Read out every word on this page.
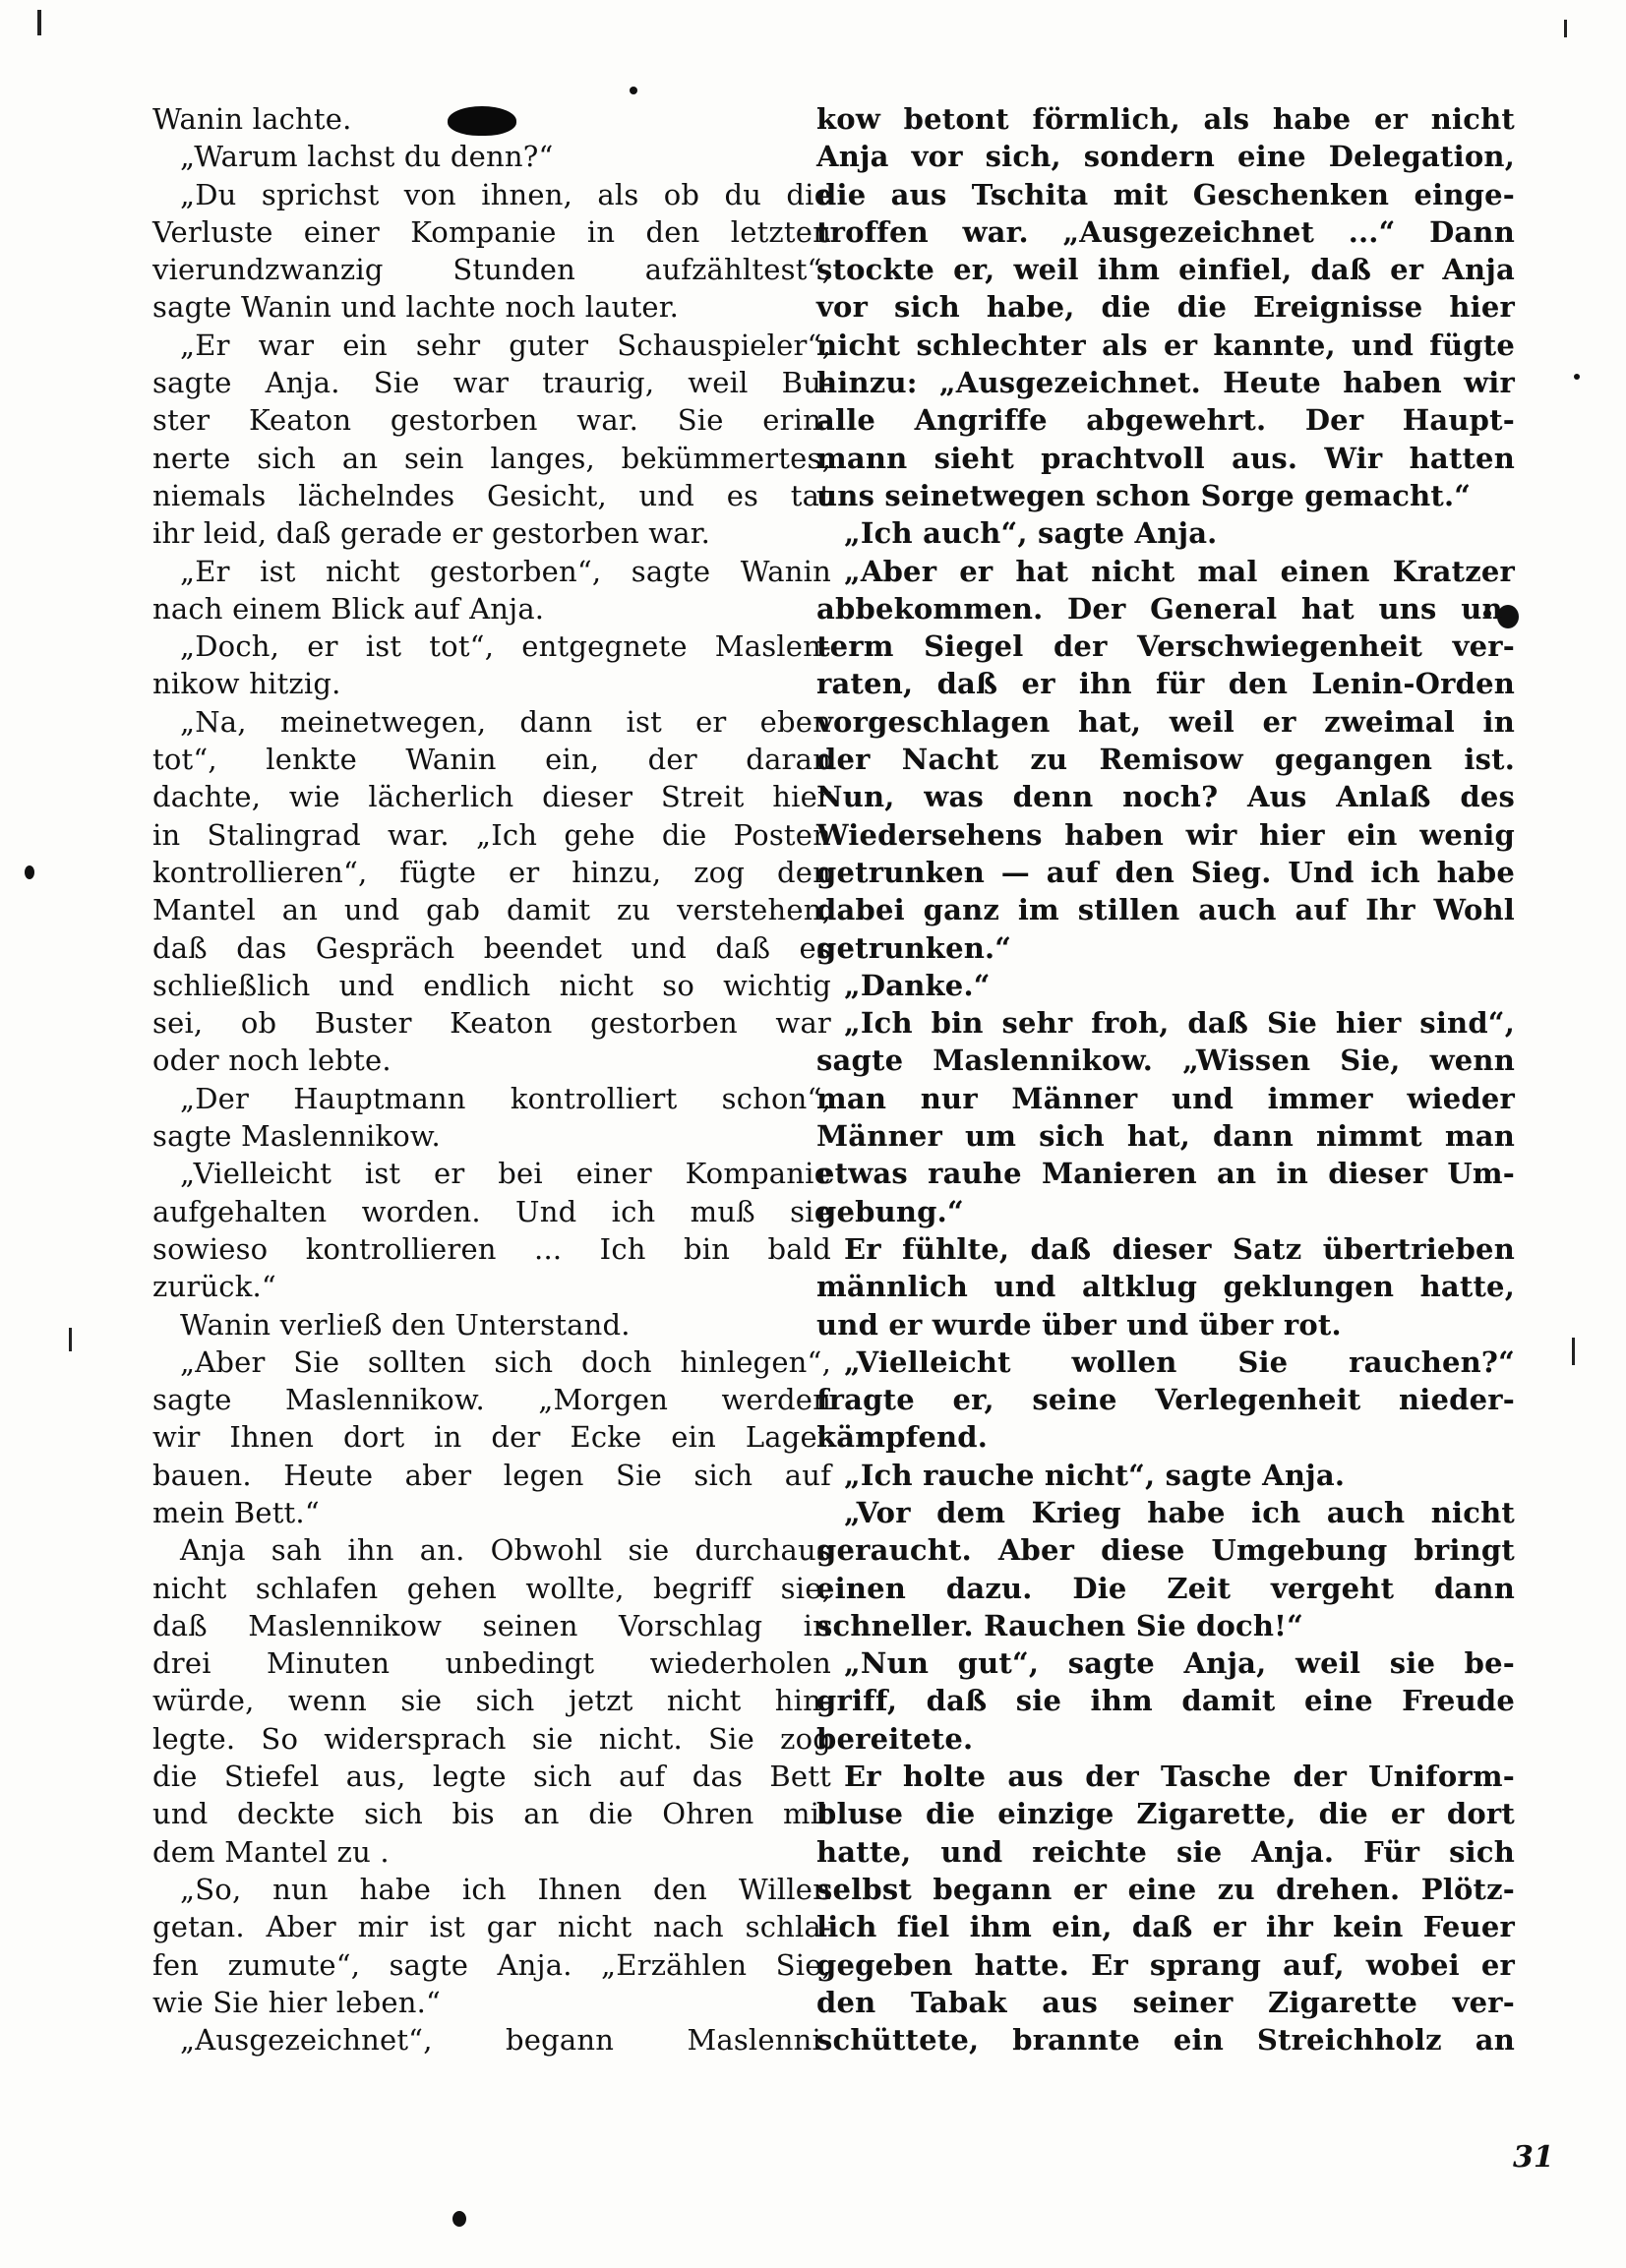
Wanin lachte.
„Warum lachst du denn?“
„Du sprichst von ihnen, als ob du die
Verluste einer Kompanie in den letzten
vierundzwanzig Stunden aufzähltest“,
sagte Wanin und lachte noch lauter.
„Er war ein sehr guter Schauspieler“,
sagte Anja. Sie war traurig, weil Bu-
ster Keaton gestorben war. Sie erin-
nerte sich an sein langes, bekümmertes,
niemals lächelndes Gesicht, und es tat
ihr leid, daß gerade er gestorben war.
„Er ist nicht gestorben“, sagte Wanin
nach einem Blick auf Anja.
„Doch, er ist tot“, entgegnete Maslen-
nikow hitzig.
„Na, meinetwegen, dann ist er eben
tot“, lenkte Wanin ein, der daran
dachte, wie lächerlich dieser Streit hier
in Stalingrad war. „Ich gehe die Posten
kontrollieren“, fügte er hinzu, zog den
Mantel an und gab damit zu verstehen,
daß das Gespräch beendet und daß es
schließlich und endlich nicht so wichtig
sei, ob Buster Keaton gestorben war
oder noch lebte.
„Der Hauptmann kontrolliert schon“,
sagte Maslennikow.
„Vielleicht ist er bei einer Kompanie
aufgehalten worden. Und ich muß sie
sowieso kontrollieren ... Ich bin bald
zurück.“
Wanin verließ den Unterstand.
„Aber Sie sollten sich doch hinlegen“,
sagte Maslennikow. „Morgen werden
wir Ihnen dort in der Ecke ein Lager
bauen. Heute aber legen Sie sich auf
mein Bett.“
Anja sah ihn an. Obwohl sie durchaus
nicht schlafen gehen wollte, begriff sie,
daß Maslennikow seinen Vorschlag in
drei Minuten unbedingt wiederholen
würde, wenn sie sich jetzt nicht hin-
legte. So widersprach sie nicht. Sie zog
die Stiefel aus, legte sich auf das Bett
und deckte sich bis an die Ohren mit
dem Mantel zu .
„So, nun habe ich Ihnen den Willen
getan. Aber mir ist gar nicht nach schla-
fen zumute“, sagte Anja. „Erzählen Sie,
wie Sie hier leben.“
„Ausgezeichnet“, begann Maslenni-
kow betont förmlich, als habe er nicht
Anja vor sich, sondern eine Delegation,
die aus Tschita mit Geschenken einge-
troffen war. „Ausgezeichnet ...“ Dann
stockte er, weil ihm einfiel, daß er Anja
vor sich habe, die die Ereignisse hier
nicht schlechter als er kannte, und fügte
hinzu: „Ausgezeichnet. Heute haben wir
alle Angriffe abgewehrt. Der Haupt-
mann sieht prachtvoll aus. Wir hatten
uns seinetwegen schon Sorge gemacht.“
„Ich auch“, sagte Anja.
„Aber er hat nicht mal einen Kratzer
abbekommen. Der General hat uns un-
term Siegel der Verschwiegenheit ver-
raten, daß er ihn für den Lenin-Orden
vorgeschlagen hat, weil er zweimal in
der Nacht zu Remisow gegangen ist.
Nun, was denn noch? Aus Anlaß des
Wiedersehens haben wir hier ein wenig
getrunken — auf den Sieg. Und ich habe
dabei ganz im stillen auch auf Ihr Wohl
getrunken.“
„Danke.“
„Ich bin sehr froh, daß Sie hier sind“,
sagte Maslennikow. „Wissen Sie, wenn
man nur Männer und immer wieder
Männer um sich hat, dann nimmt man
etwas rauhe Manieren an in dieser Um-
gebung.“
Er fühlte, daß dieser Satz übertrieben
männlich und altklug geklungen hatte,
und er wurde über und über rot.
„Vielleicht wollen Sie rauchen?“
fragte er, seine Verlegenheit nieder-
kämpfend.
„Ich rauche nicht“, sagte Anja.
„Vor dem Krieg habe ich auch nicht
geraucht. Aber diese Umgebung bringt
einen dazu. Die Zeit vergeht dann
schneller. Rauchen Sie doch!“
„Nun gut“, sagte Anja, weil sie be-
griff, daß sie ihm damit eine Freude
bereitete.
Er holte aus der Tasche der Uniform-
bluse die einzige Zigarette, die er dort
hatte, und reichte sie Anja. Für sich
selbst begann er eine zu drehen. Plötz-
lich fiel ihm ein, daß er ihr kein Feuer
gegeben hatte. Er sprang auf, wobei er
den Tabak aus seiner Zigarette ver-
schüttete, brannte ein Streichholz an
31
